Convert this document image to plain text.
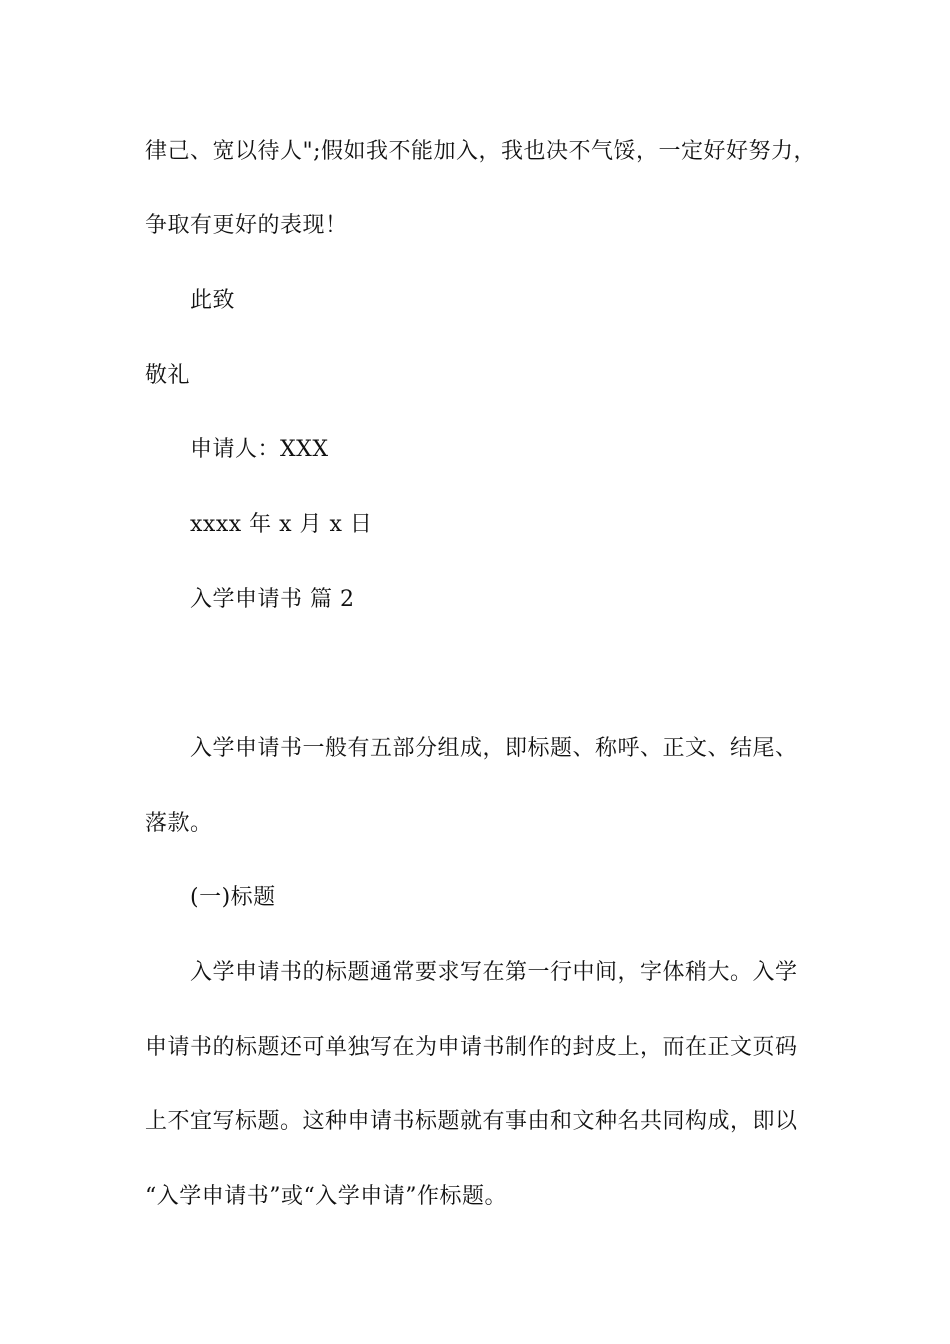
律己、宽以待人";假如我不能加入，我也决不气馁，一定好好努力，
争取有更好的表现！
此致
敬礼
申请人：XXX
xxxx 年 x 月 x 日
入学申请书 篇 2
入学申请书一般有五部分组成，即标题、称呼、正文、结尾、
落款。
(一)标题
入学申请书的标题通常要求写在第一行中间，字体稍大。入学
申请书的标题还可单独写在为申请书制作的封皮上，而在正文页码
上不宜写标题。这种申请书标题就有事由和文种名共同构成，即以
“入学申请书”或“入学申请”作标题。
